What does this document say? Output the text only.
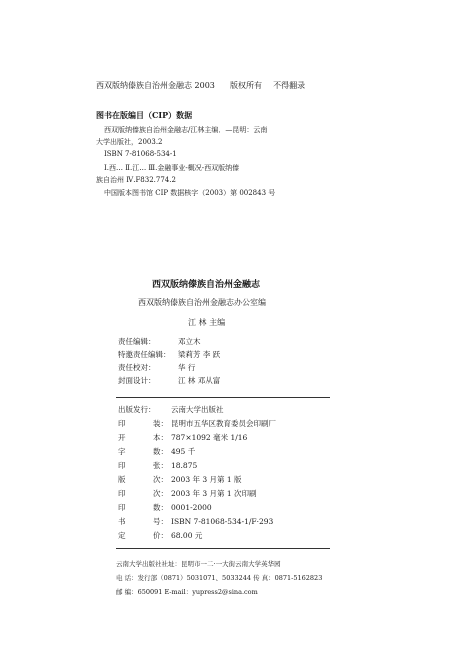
西双版纳傣族自治州金融志 2003 版权所有 不得翻录
图书在版编目（CIP）数据
西双版纳傣族自治州金融志/江林主编．—昆明：云南
大学出版社，2003.2
ISBN 7-81068-534-1
Ⅰ.西… Ⅱ.江… Ⅲ.金融事业-概况-西双版纳傣
族自治州 Ⅳ.F832.774.2
中国版本图书馆 CIP 数据核字（2003）第 002843 号
西双版纳傣族自治州金融志
西双版纳傣族自治州金融志办公室编
江 林 主编
责任编辑：	邓立木
特邀责任编辑：	梁莉芳 李 跃
责任校对：	华 行
封面设计：	江 林 邓从富
出版发行：	云南大学出版社
印	装： 昆明市五华区教育委员会印刷厂
开	本： 787×1092 毫米 1/16
字	数： 495 千
印	张： 18.875
版	次： 2003 年 3 月第 1 版
印	次： 2003 年 3 月第 1 次印刷
印	数： 0001-2000
书	号： ISBN 7-81068-534-1/F·293
定	价： 68.00 元
云南大学出版社社址：昆明市一二·一大街云南大学英华园
电 话：发行部（0871）5031071、5033244 传 真：0871-5162823
邮 编：650091 E-mail：yupress2@sina.com
